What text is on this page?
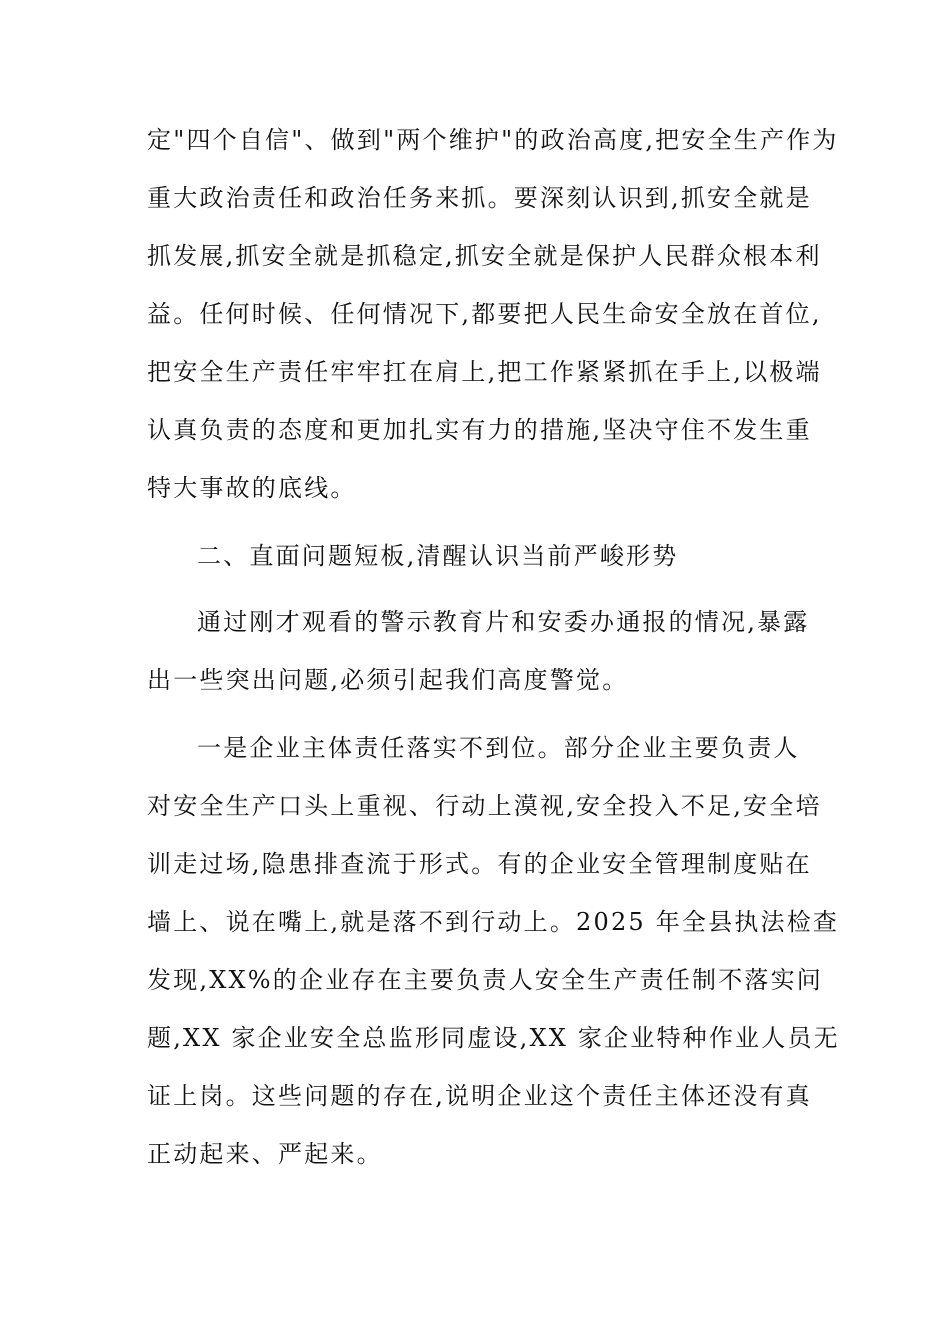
定"四个自信"、做到"两个维护"的政治高度,把安全生产作为
重大政治责任和政治任务来抓。要深刻认识到,抓安全就是
抓发展,抓安全就是抓稳定,抓安全就是保护人民群众根本利
益。任何时候、任何情况下,都要把人民生命安全放在首位,
把安全生产责任牢牢扛在肩上,把工作紧紧抓在手上,以极端
认真负责的态度和更加扎实有力的措施,坚决守住不发生重
特大事故的底线。
二、直面问题短板,清醒认识当前严峻形势
通过刚才观看的警示教育片和安委办通报的情况,暴露
出一些突出问题,必须引起我们高度警觉。
一是企业主体责任落实不到位。部分企业主要负责人
对安全生产口头上重视、行动上漠视,安全投入不足,安全培
训走过场,隐患排查流于形式。有的企业安全管理制度贴在
墙上、说在嘴上,就是落不到行动上。2025 年全县执法检查
发现,XX%的企业存在主要负责人安全生产责任制不落实问
题,XX 家企业安全总监形同虚设,XX 家企业特种作业人员无
证上岗。这些问题的存在,说明企业这个责任主体还没有真
正动起来、严起来。
